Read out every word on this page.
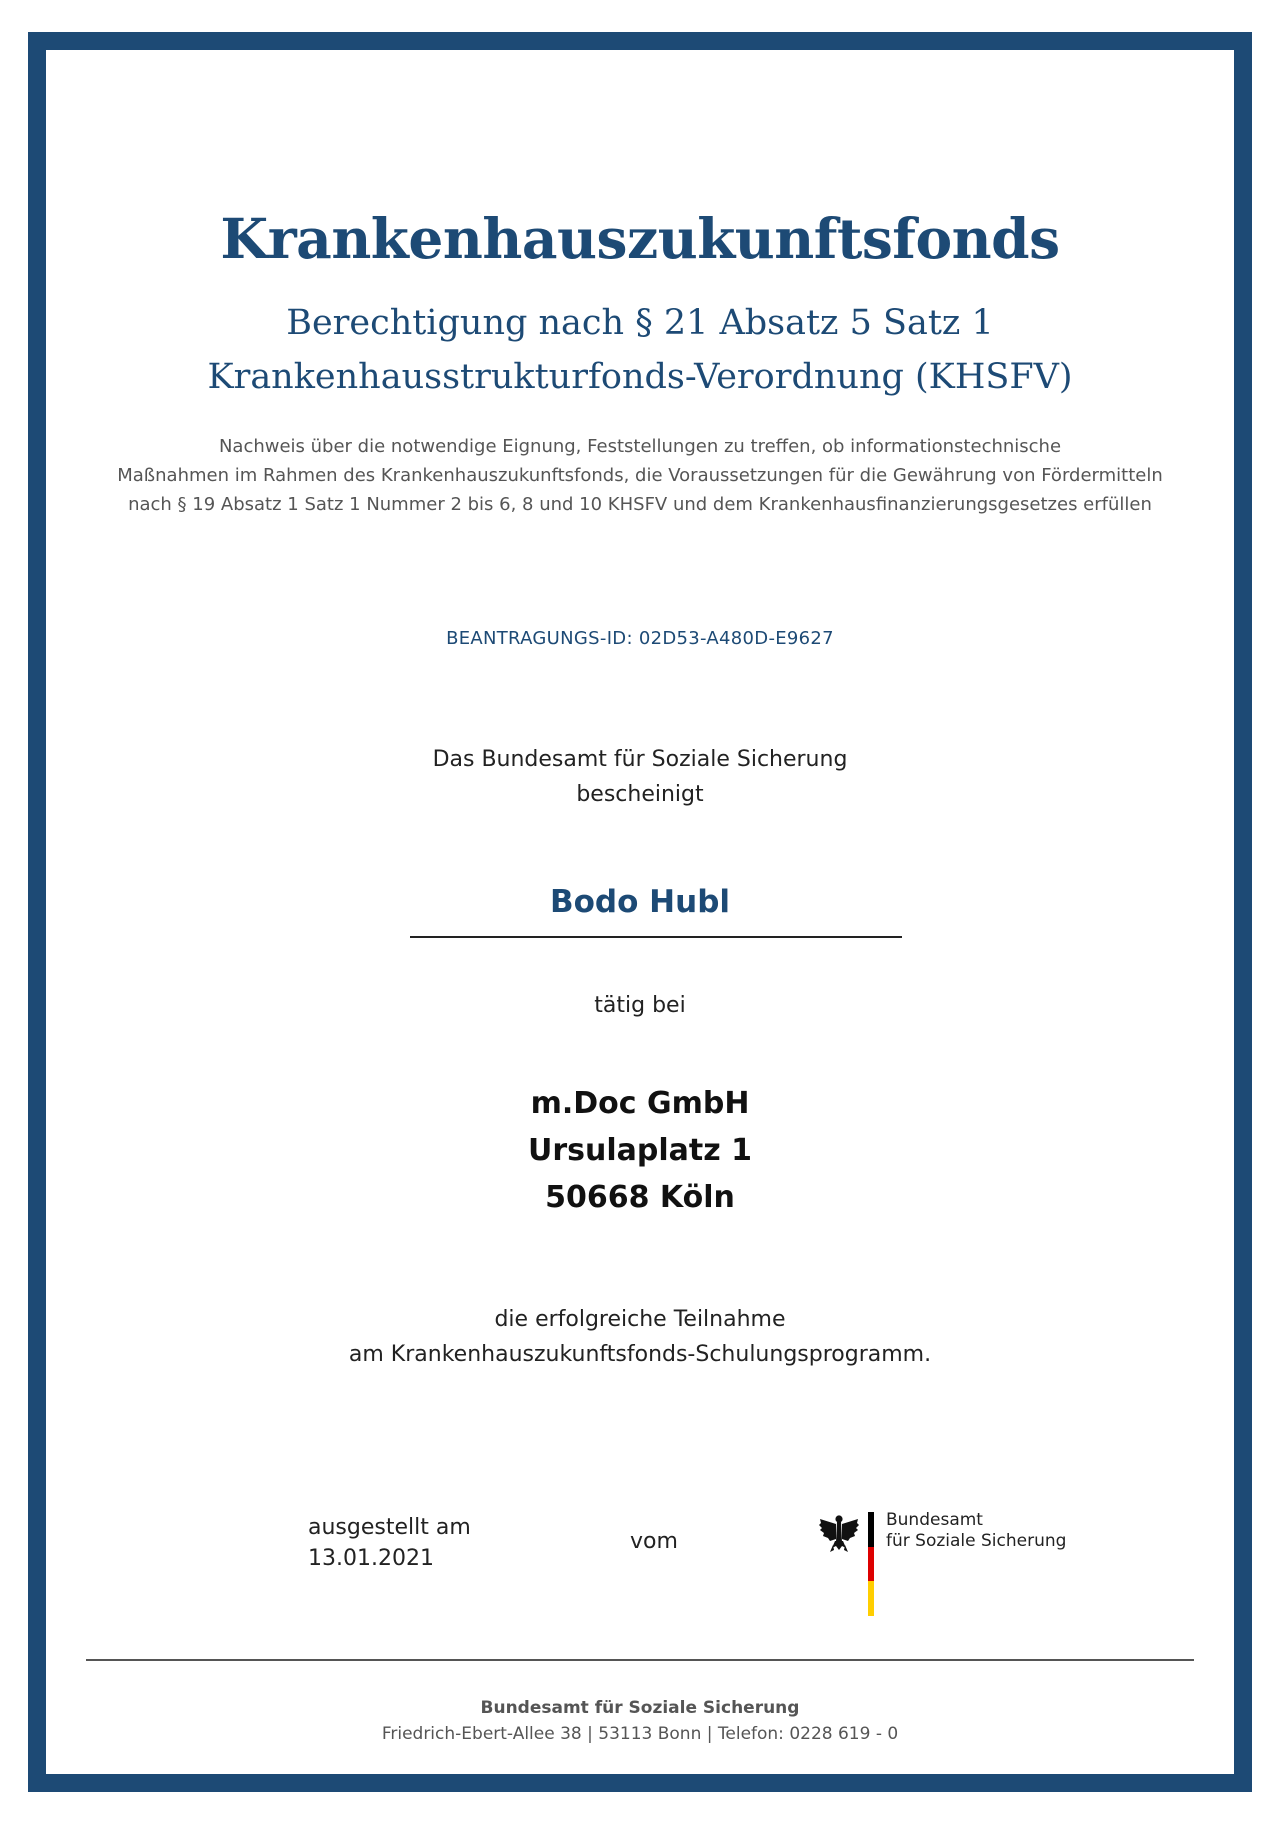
Krankenhauszukunftsfonds
Berechtigung nach § 21 Absatz 5 Satz 1
Krankenhausstrukturfonds-Verordnung (KHSFV)
Nachweis über die notwendige Eignung, Feststellungen zu treffen, ob informationstechnische
Maßnahmen im Rahmen des Krankenhauszukunftsfonds, die Voraussetzungen für die Gewährung von Fördermitteln
nach § 19 Absatz 1 Satz 1 Nummer 2 bis 6, 8 und 10 KHSFV und dem Krankenhausfinanzierungsgesetzes erfüllen
BEANTRAGUNGS-ID: 02D53-A480D-E9627
Das Bundesamt für Soziale Sicherung
bescheinigt
Bodo Hubl
tätig bei
m.Doc GmbH
Ursulaplatz 1
50668 Köln
die erfolgreiche Teilnahme
am Krankenhauszukunftsfonds-Schulungsprogramm.
ausgestellt am
13.01.2021
vom
Bundesamt
für Soziale Sicherung
Bundesamt für Soziale Sicherung
Friedrich-Ebert-Allee 38 | 53113 Bonn | Telefon: 0228 619 - 0
